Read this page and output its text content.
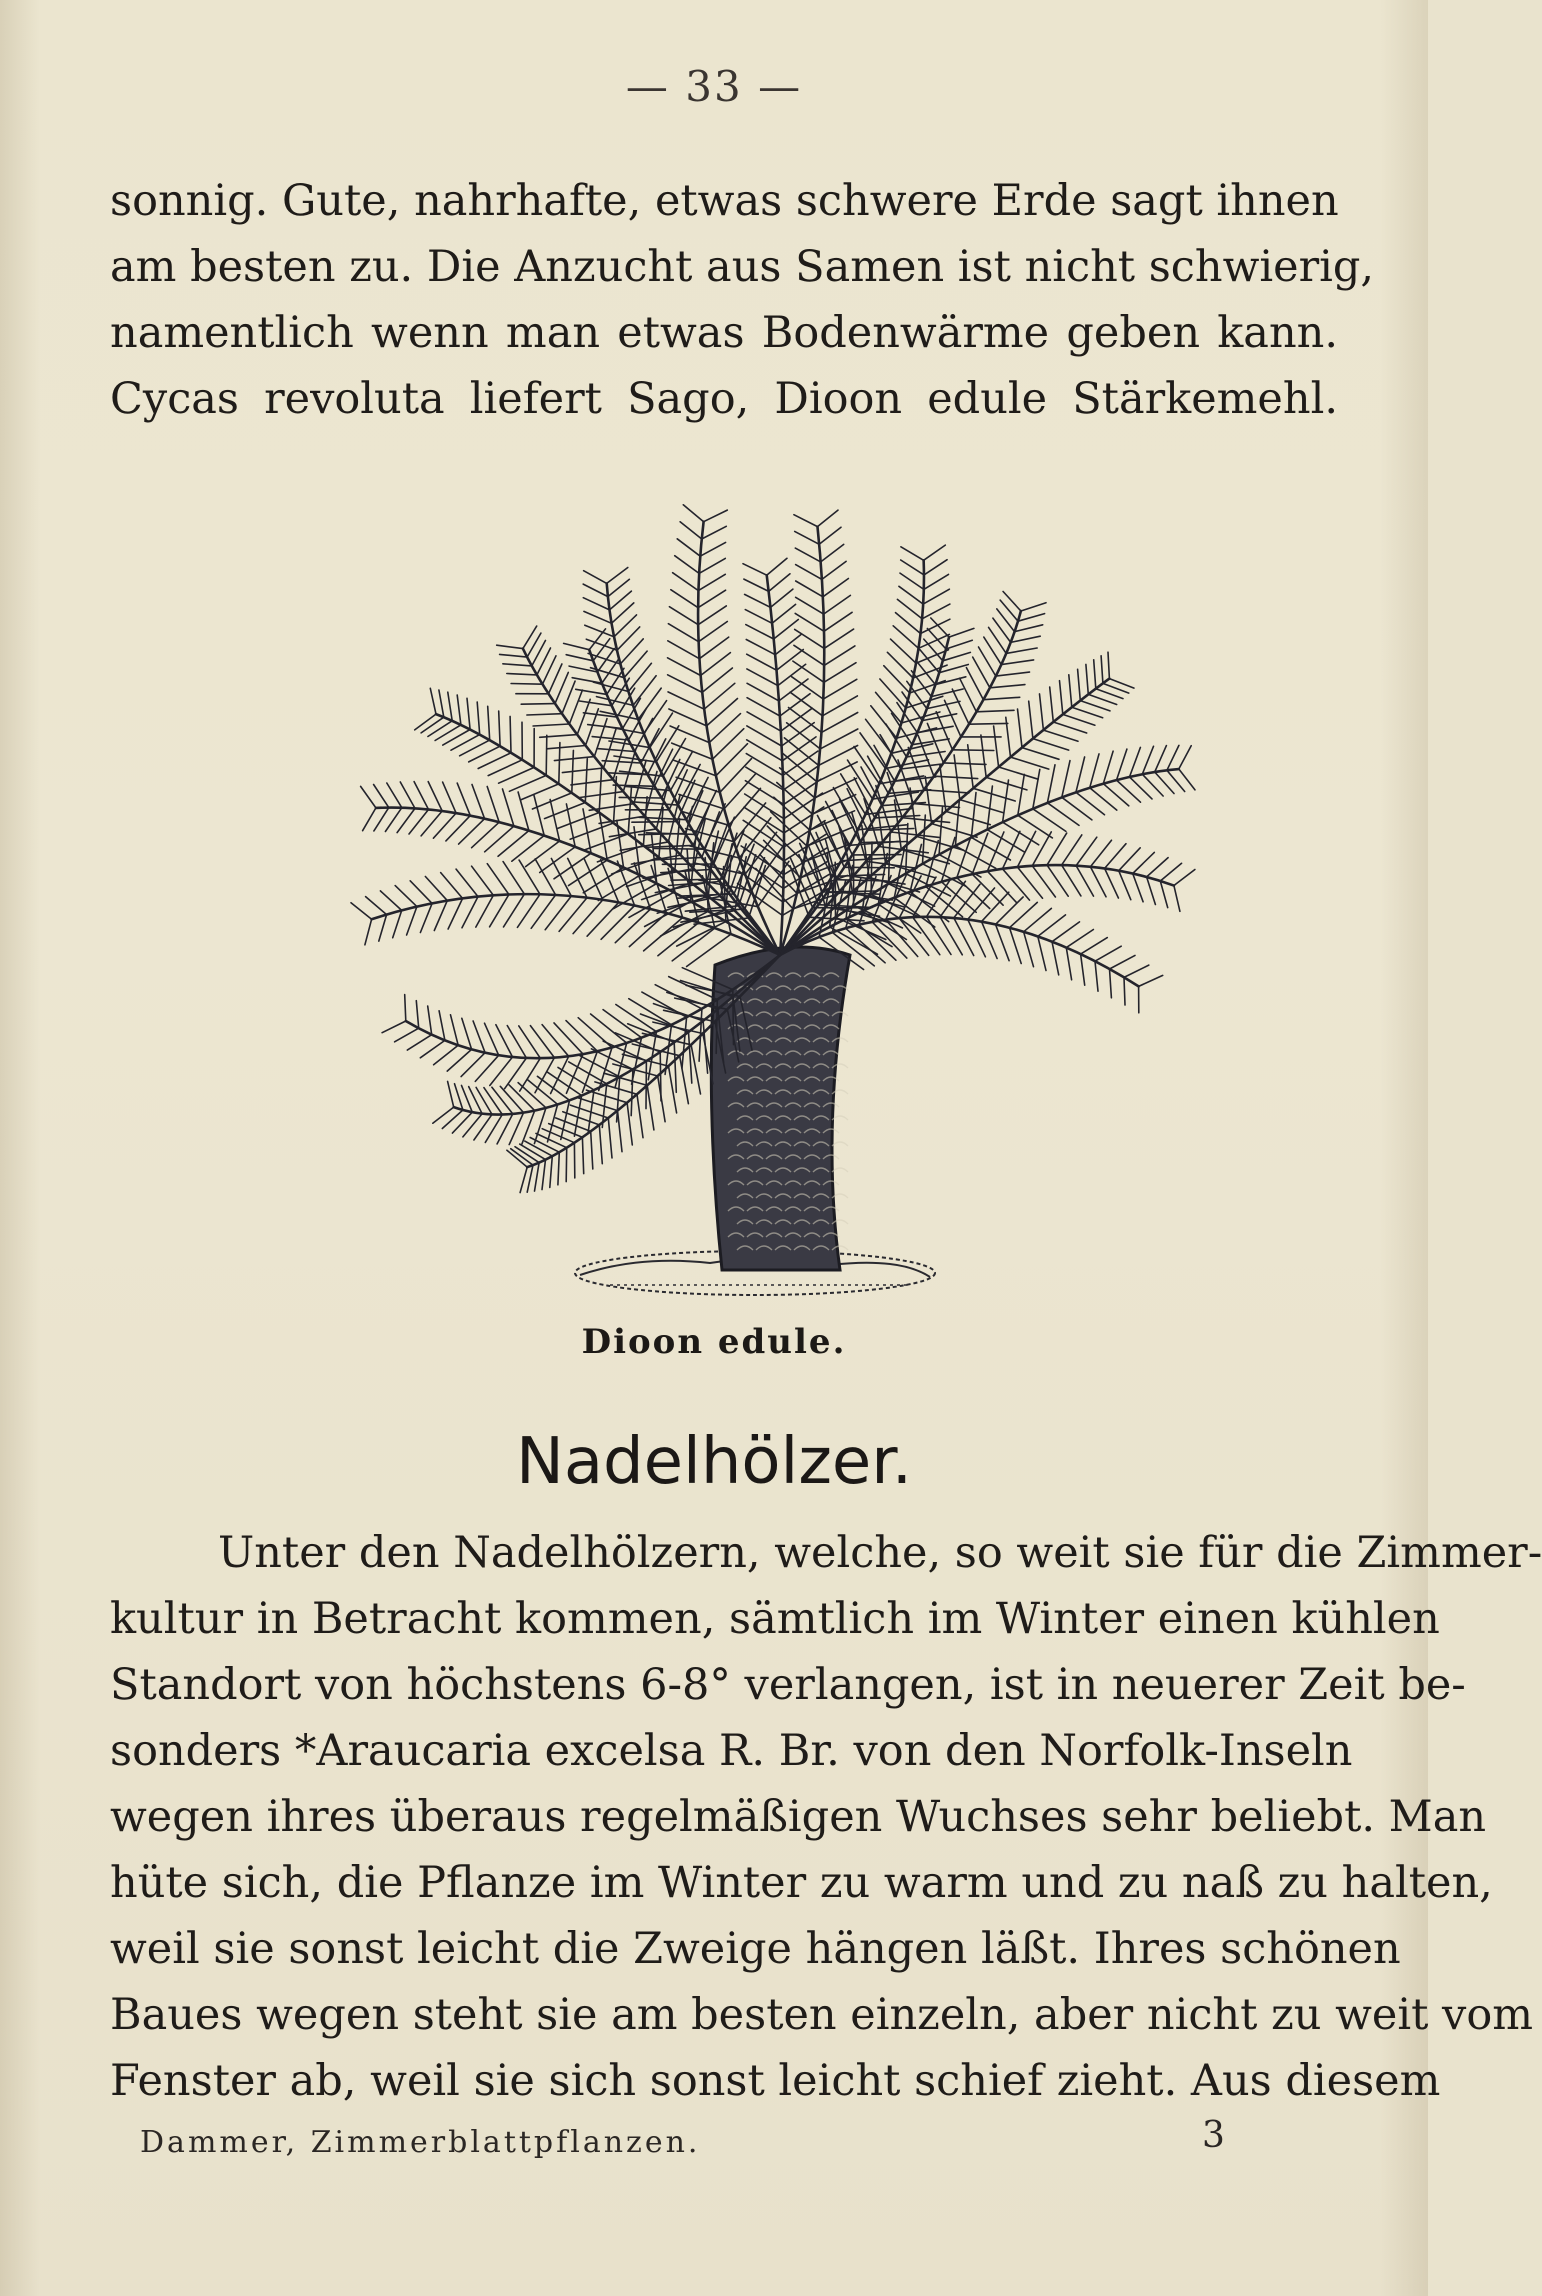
— 33 —
sonnig. Gute, nahrhafte, etwas schwere Erde sagt ihnen
am besten zu. Die Anzucht aus Samen ist nicht schwierig,
namentlich wenn man etwas Bodenwärme geben kann.
Cycas revoluta liefert Sago, Dioon edule Stärkemehl.
Dioon edule.
Nadelhölzer.
Unter den Nadelhölzern, welche, so weit sie für die Zimmer-
kultur in Betracht kommen, sämtlich im Winter einen kühlen
Standort von höchstens 6-8° verlangen, ist in neuerer Zeit be-
sonders *Araucaria excelsa R. Br. von den Norfolk-Inseln
wegen ihres überaus regelmäßigen Wuchses sehr beliebt. Man
hüte sich, die Pflanze im Winter zu warm und zu naß zu halten,
weil sie sonst leicht die Zweige hängen läßt. Ihres schönen
Baues wegen steht sie am besten einzeln, aber nicht zu weit vom
Fenster ab, weil sie sich sonst leicht schief zieht. Aus diesem
Dammer, Zimmerblattpflanzen.	3
